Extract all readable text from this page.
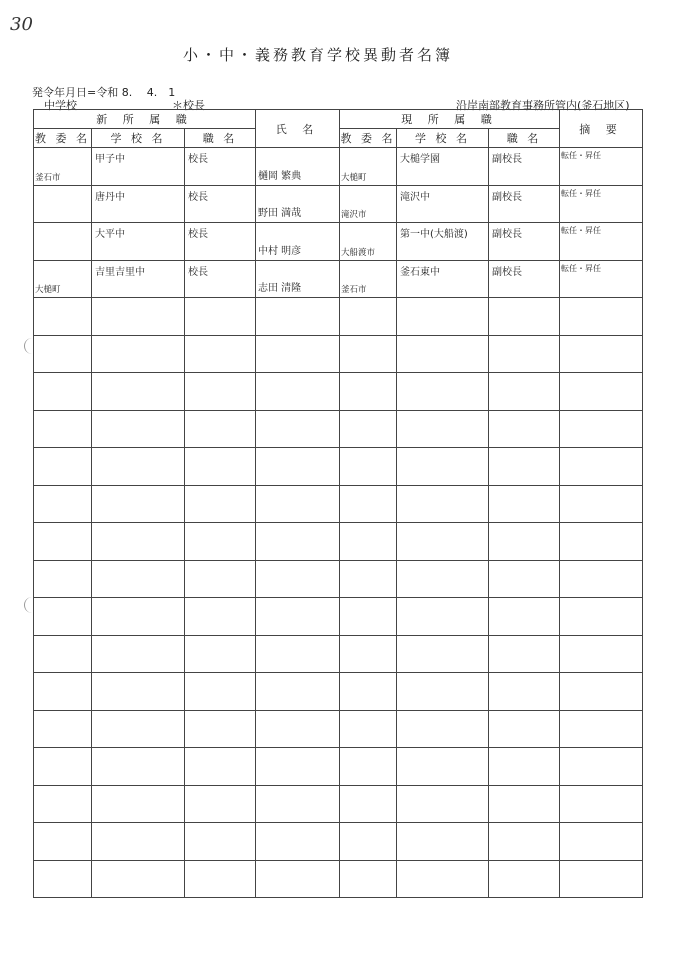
30
小・中・義務教育学校異動者名簿
発令年月日=令和 8.　 4.　1
中学校	＊校長	沿岸南部教育事務所管内(釜石地区)
新 所 属 職			氏 名	現 所 属 職			摘 要
教 委 名	学 校 名	職 名		教 委 名	学 校 名	職 名	

釜石市	甲子中	校長	樋岡 繁典	大槌町	大槌学園	副校長	転任・昇任

	唐丹中	校長	野田 満哉	滝沢市	滝沢中	副校長	転任・昇任

	大平中	校長	中村 明彦	大船渡市	第一中(大船渡)	副校長	転任・昇任

大槌町	吉里吉里中	校長	志田 清隆	釜石市	釜石東中	副校長	転任・昇任
